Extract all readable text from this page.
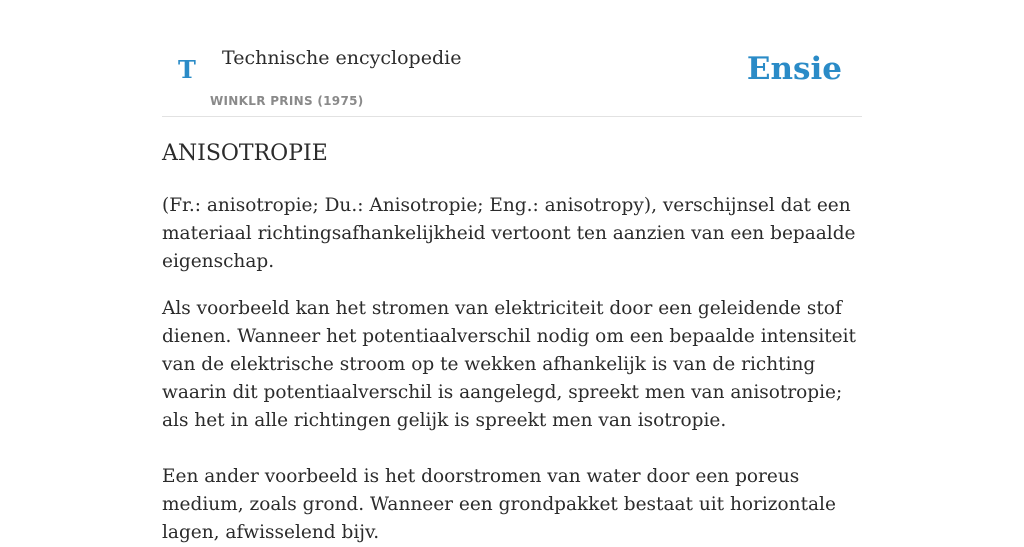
T Technische encyclopedie
WINKLR PRINS (1975)
Ensie
ANISOTROPIE

(Fr.: anisotropie; Du.: Anisotropie; Eng.: anisotropy), verschijnsel dat een materiaal richtingsafhankelijkheid vertoont ten aanzien van een bepaalde eigenschap.

Als voorbeeld kan het stromen van elektriciteit door een geleidende stof dienen. Wanneer het potentiaalverschil nodig om een bepaalde intensiteit van de elektrische stroom op te wekken afhankelijk is van de richting waarin dit potentiaalverschil is aangelegd, spreekt men van anisotropie; als het in alle richtingen gelijk is spreekt men van isotropie.

Een ander voorbeeld is het doorstromen van water door een poreus medium, zoals grond. Wanneer een grondpakket bestaat uit horizontale lagen, afwisselend bijv.
